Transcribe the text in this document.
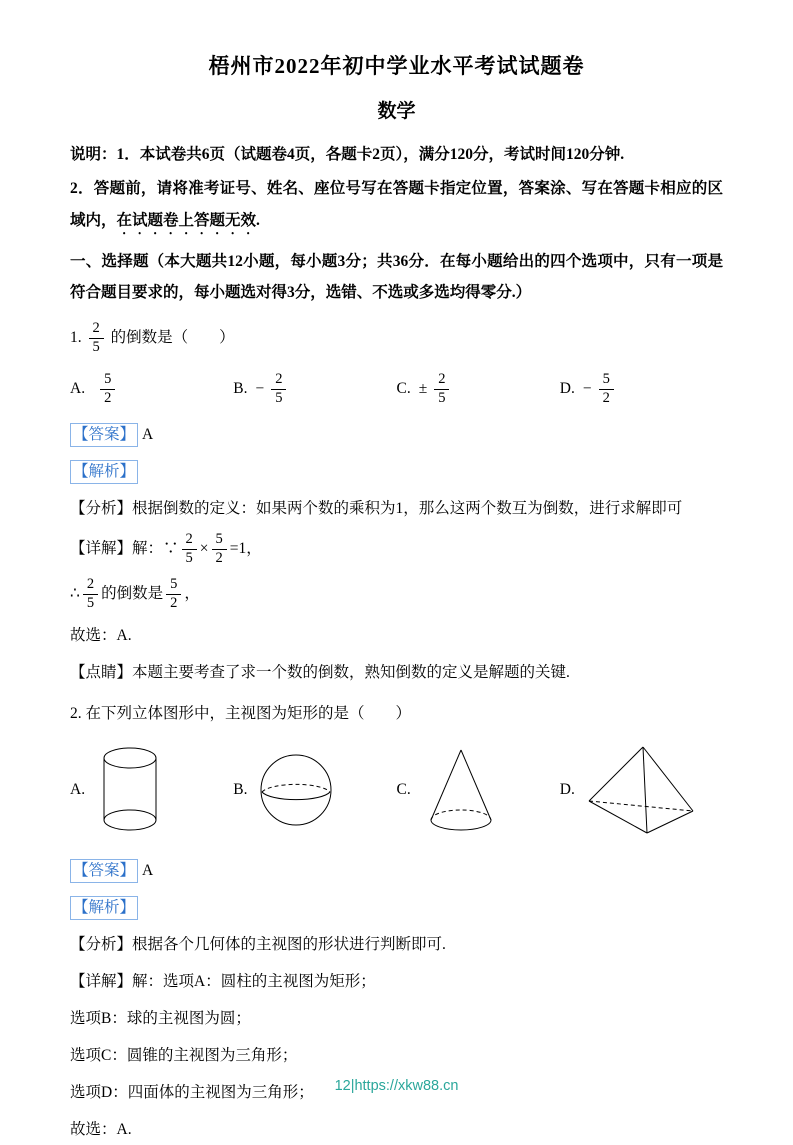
梧州市2022年初中学业水平考试试题卷
数学

说明：1．本试卷共6页（试题卷4页，各题卡2页），满分120分，考试时间120分钟.

2．答题前，请将准考证号、姓名、座位号写在答题卡指定位置，答案涂、写在答题卡相应的区域内，在试题卷上答题无效.

一、选择题（本大题共12小题，每小题3分；共36分．在每小题给出的四个选项中，只有一项是符合题目要求的，每小题选对得3分，选错、不选或多选均得零分.）

1. $\frac{2}{5}$ 的倒数是（　　）

A. $\frac{5}{2}$	B. − $\frac{2}{5}$	C. ± $\frac{2}{5}$	D. − $\frac{5}{2}$

【答案】 A

【解析】

【分析】根据倒数的定义：如果两个数的乘积为1，那么这两个数互为倒数，进行求解即可

【详解】解：∵ $\frac{2}{5} \times \frac{5}{2} =1$，

∴ $\frac{2}{5}$ 的倒数是 $\frac{5}{2}$ ，

故选：A.

【点睛】本题主要考查了求一个数的倒数，熟知倒数的定义是解题的关键.

2. 在下列立体图形中，主视图为矩形的是（　　）

A.	B.	C.	D.

【答案】 A

【解析】

【分析】根据各个几何体的主视图的形状进行判断即可.

【详解】解：选项A：圆柱的主视图为矩形；

选项B：球的主视图为圆；

选项C：圆锥的主视图为三角形；

选项D：四面体的主视图为三角形；

故选：A.

12|https://xkw88.cn
